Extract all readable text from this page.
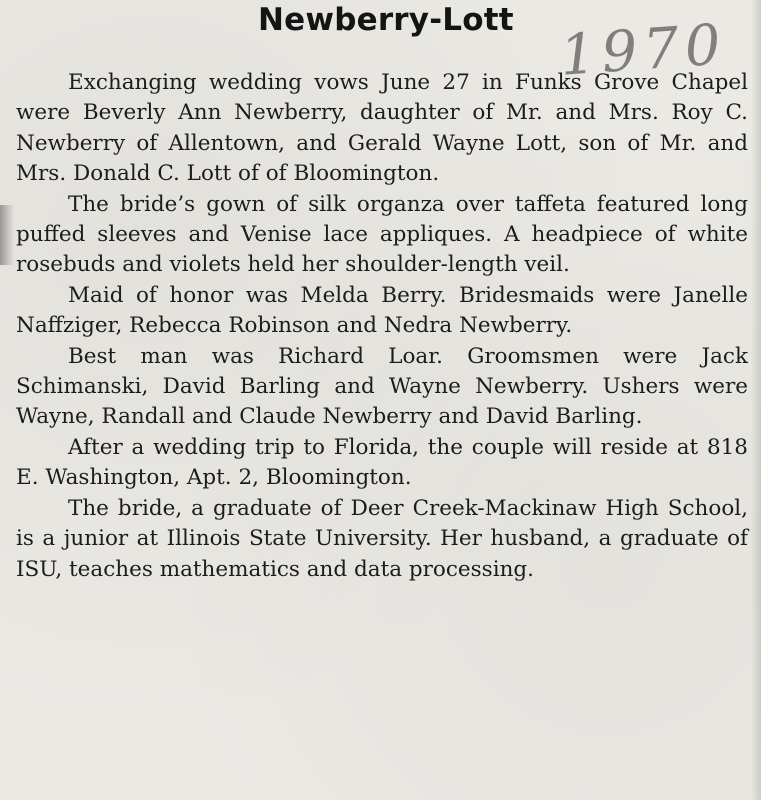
Newberry-Lott 1970

Exchanging wedding vows June 27 in Funks Grove Chapel were Beverly Ann Newberry, daughter of Mr. and Mrs. Roy C. Newberry of Allentown, and Gerald Wayne Lott, son of Mr. and Mrs. Donald C. Lott of of Bloomington.

The bride’s gown of silk organza over taffeta featured long puffed sleeves and Venise lace appliques. A headpiece of white rosebuds and violets held her shoulder-length veil.

Maid of honor was Melda Berry. Bridesmaids were Janelle Naffziger, Rebecca Robinson and Nedra Newberry.

Best man was Richard Loar. Groomsmen were Jack Schimanski, David Barling and Wayne Newberry. Ushers were Wayne, Randall and Claude Newberry and David Barling.

After a wedding trip to Florida, the couple will reside at 818 E. Washington, Apt. 2, Bloomington.

The bride, a graduate of Deer Creek-Mackinaw High School, is a junior at Illinois State University. Her husband, a graduate of ISU, teaches mathematics and data processing.
